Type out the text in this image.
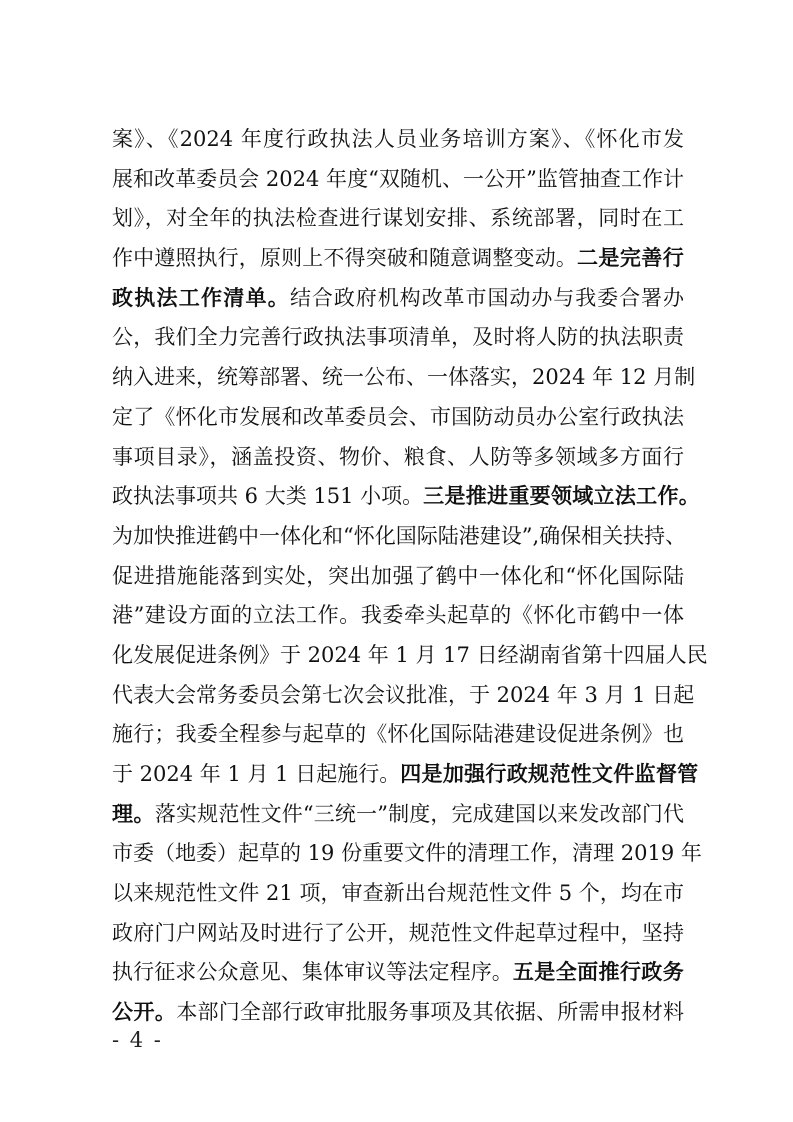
案》、《2024 年度行政执法人员业务培训方案》、《怀化市发
展和改革委员会 2024 年度“双随机、一公开”监管抽查工作计
划》，对全年的执法检查进行谋划安排、系统部署，同时在工
作中遵照执行，原则上不得突破和随意调整变动。二是完善行
政执法工作清单。结合政府机构改革市国动办与我委合署办
公，我们全力完善行政执法事项清单，及时将人防的执法职责
纳入进来，统筹部署、统一公布、一体落实，2024 年 12 月制
定了《怀化市发展和改革委员会、市国防动员办公室行政执法
事项目录》，涵盖投资、物价、粮食、人防等多领域多方面行
政执法事项共 6 大类 151 小项。三是推进重要领域立法工作。
为加快推进鹤中一体化和“怀化国际陆港建设”,确保相关扶持、
促进措施能落到实处，突出加强了鹤中一体化和“怀化国际陆
港”建设方面的立法工作。我委牵头起草的《怀化市鹤中一体
化发展促进条例》于 2024 年 1 月 17 日经湖南省第十四届人民
代表大会常务委员会第七次会议批准，于 2024 年 3 月 1 日起
施行；我委全程参与起草的《怀化国际陆港建设促进条例》也
于 2024 年 1 月 1 日起施行。四是加强行政规范性文件监督管
理。落实规范性文件“三统一”制度，完成建国以来发改部门代
市委（地委）起草的 19 份重要文件的清理工作，清理 2019 年
以来规范性文件 21 项，审查新出台规范性文件 5 个，均在市
政府门户网站及时进行了公开，规范性文件起草过程中，坚持
执行征求公众意见、集体审议等法定程序。五是全面推行政务
公开。本部门全部行政审批服务事项及其依据、所需申报材料
- 4 -
